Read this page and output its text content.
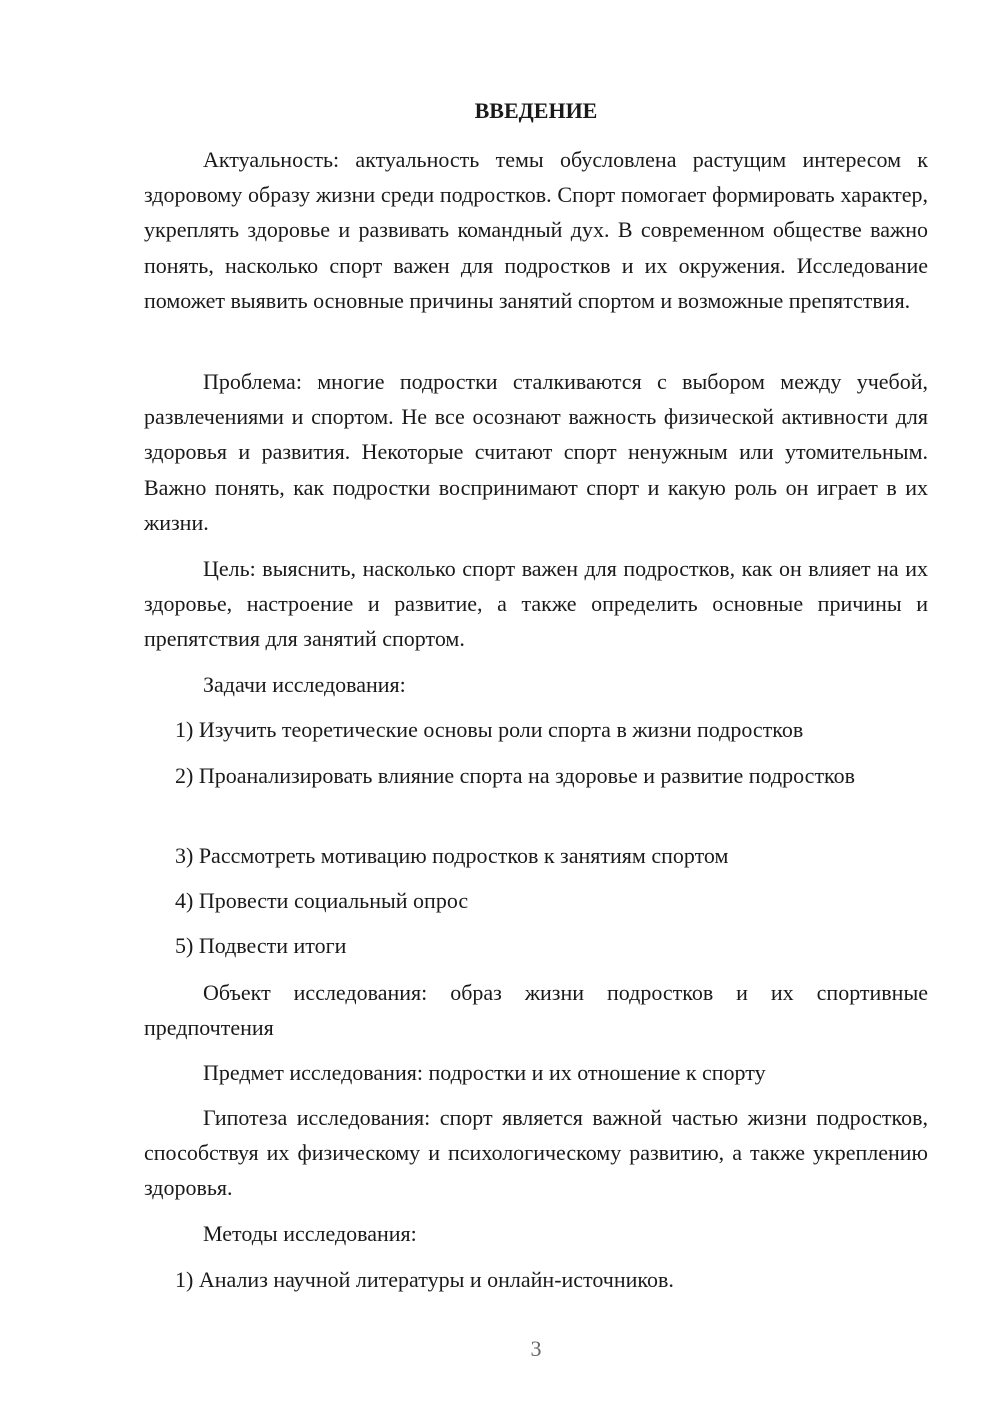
ВВЕДЕНИЕ

Актуальность: актуальность темы обусловлена растущим интересом к здоровому образу жизни среди подростков. Спорт помогает формировать характер, укреплять здоровье и развивать командный дух. В современном обществе важно понять, насколько спорт важен для подростков и их окружения. Исследование поможет выявить основные причины занятий спортом и возможные препятствия.

Проблема: многие подростки сталкиваются с выбором между учебой, развлечениями и спортом. Не все осознают важность физической активности для здоровья и развития. Некоторые считают спорт ненужным или утомительным. Важно понять, как подростки воспринимают спорт и какую роль он играет в их жизни.

Цель: выяснить, насколько спорт важен для подростков, как он влияет на их здоровье, настроение и развитие, а также определить основные причины и препятствия для занятий спортом.

Задачи исследования:

1) Изучить теоретические основы роли спорта в жизни подростков

2) Проанализировать влияние спорта на здоровье и развитие подростков

3) Рассмотреть мотивацию подростков к занятиям спортом

4) Провести социальный опрос

5) Подвести итоги

Объект исследования: образ жизни подростков и их спортивные предпочтения

Предмет исследования: подростки и их отношение к спорту

Гипотеза исследования: спорт является важной частью жизни подростков, способствуя их физическому и психологическому развитию, а также укреплению здоровья.

Методы исследования:

1) Анализ научной литературы и онлайн-источников.

3
